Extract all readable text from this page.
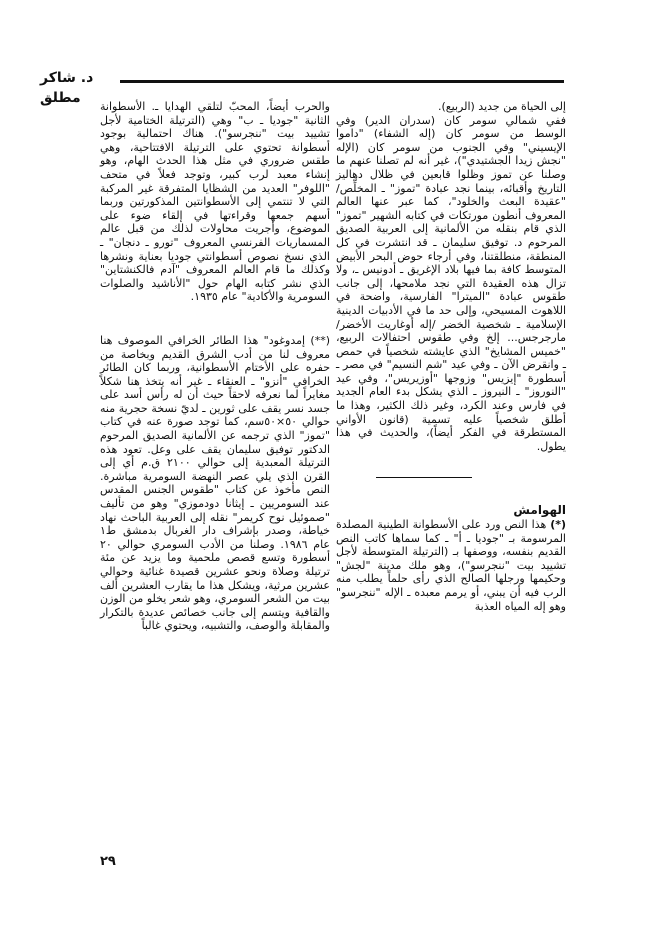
د. شاكر مطلق

إلى الحياة من جديد (الربيع).

ففي شمالي سومر كان (سدران الدير) وفي الوسط من سومر كان (إله الشفاء) "داموا الإيسيني" وفي الجنوب من سومر كان (الإله "نجش زيدا الجشتيدي")، غير أنه لم تصلنا عنهم ما وصلنا عن تموز وظلوا قابعين في ظلال دهاليز التاريخ وأقبائه، بينما نجد عبادة "تموز" ـ المخلِّص/ "عقيدة البعث والخلود"، كما عبر عنها العالم المعروف أنطون مورتكات في كتابه الشهير "تموز" الذي قام بنقله من الألمانية إلى العربية الصديق المرحوم د. توفيق سليمان ـ قد انتشرت في كل المنطقة، منطلقتنا، وفي أرجاء حوض البحر الأبيض المتوسط كافة بما فيها بلاد الإغريق ـ أدونيس ـ، ولا تزال هذه العقيدة التي نجد ملامحها، إلى جانب طقوس عبادة "الميترا" الفارسية، واضحة في اللاهوت المسيحي، وإلى حد ما في الأدبيات الدينية الإسلامية ـ شخصية الخضر /إله أوغاريت الأخضر/ مارجرجس... إلخ وفي طقوس احتفالات الربيع، "خميس المشايخ" الذي عايشته شخصياً في حمص ـ وانقرض الآن ـ وفي عيد "شم النسيم" في مصر ـ أسطورة "إيزيس" وزوجها "أوزيريس"، وفي عيد "النوروز" ـ النيروز ـ الذي يشكل بدء العام الجديد في فارس وعند الكرد، وغير ذلك الكثير، وهذا ما أطلق شخصياً عليه تسمية (قانون الأواني المستطرقة في الفكر أيضاً)، والحديث في هذا يطول.

الهوامش

(*) هذا النص ورد على الأسطوانة الطينية المصلدة المرسومة بـ "جوديا ـ أ" ـ كما سماها كاتب النص القديم بنفسه، ووصفها بـ (الترتيلة المتوسطة لأجل تشييد بيت "ننجرسو")، وهو ملك مدينة "لجش" وحكيمها ورجلها الصالح الذي رأى حلماً يطلب منه الرب فيه أن يبني، أو يرمم معبده ـ الإله "ننجرسو" وهو إله المياه العذبة

والحرب أيضاً، المحبّ لتلقي الهدايا ـ. الأسطوانة الثانية "جوديا ـ ب" وهي (الترتيلة الختامية لأجل تشييد بيت "ننجرسو"). هناك احتمالية بوجود أسطوانة تحتوي على الترتيلة الافتتاحية، وهي طقس ضروري في مثل هذا الحدث الهام، وهو إنشاء معبد لرب كبير، وتوجد فعلاً في متحف "اللوفر" العديد من الشظايا المتفرقة غير المركبة التي لا تنتمي إلى الأسطوانتين المذكورتين وربما أسهم جمعها وقراءتها في إلقاء ضوء على الموضوع، وأجريت محاولات لذلك من قبل عالم المسماريات الفرنسي المعروف "تورو ـ دنجان" ـ الذي نسخ نصوص أسطوانتي جوديا بعناية ونشرها وكذلك ما قام العالم المعروف "آدم فالكنشتاين" الذي نشر كتابه الهام حول "الأناشيد والصلوات السومرية والأكادية" عام ١٩٣٥.

(**) إمدوغود" هذا الطائر الخرافي الموصوف هنا معروف لنا من أدب الشرق القديم وبخاصة من حفره على الأختام الأسطوانية، وربما كان الطائر الخرافي "أنزو" ـ العنقاء ـ غير أنه يتخذ هنا شكلاً مغايراً لما نعرفه لاحقاً حيث أن له رأس أسد على جسد نسر يقف على ثورين ـ لديّ نسخة حجرية منه حوالي ٥٠×٥٠سم، كما توجد صورة عنه في كتاب "تموز" الذي ترجمه عن الألمانية الصديق المرحوم الدكتور توفيق سليمان يقف على وعل. تعود هذه الترتيلة المعبدية إلى حوالي ٢١٠٠ ق.م أي إلى القرن الذي يلي عصر النهضة السومرية مباشرة. النص مأخوذ عن كتاب "طقوس الجنس المقدس عند السومريين ـ إيثانا دودموزي" وهو من تأليف "صموئيل نوح كريمر" نقله إلى العربية الباحث نهاد خياطة، وصدر بإشراف دار الغربال بدمشق ط١ عام ١٩٨٦. وصلنا من الأدب السومري حوالي ٢٠ أسطورة وتسع قصص ملحمية وما يزيد عن مئة ترتيلة وصلاة ونحو عشرين قصيدة غنائية وحوالي عشرين مرثية، ويشكل هذا ما يقارب العشرين ألف بيت من الشعر السومري، وهو شعر يخلو من الوزن والقافية ويتسم إلى جانب خصائص عديدة بالتكرار والمقابلة والوصف، والتشبيه، ويحتوي غالباً

٢٩
